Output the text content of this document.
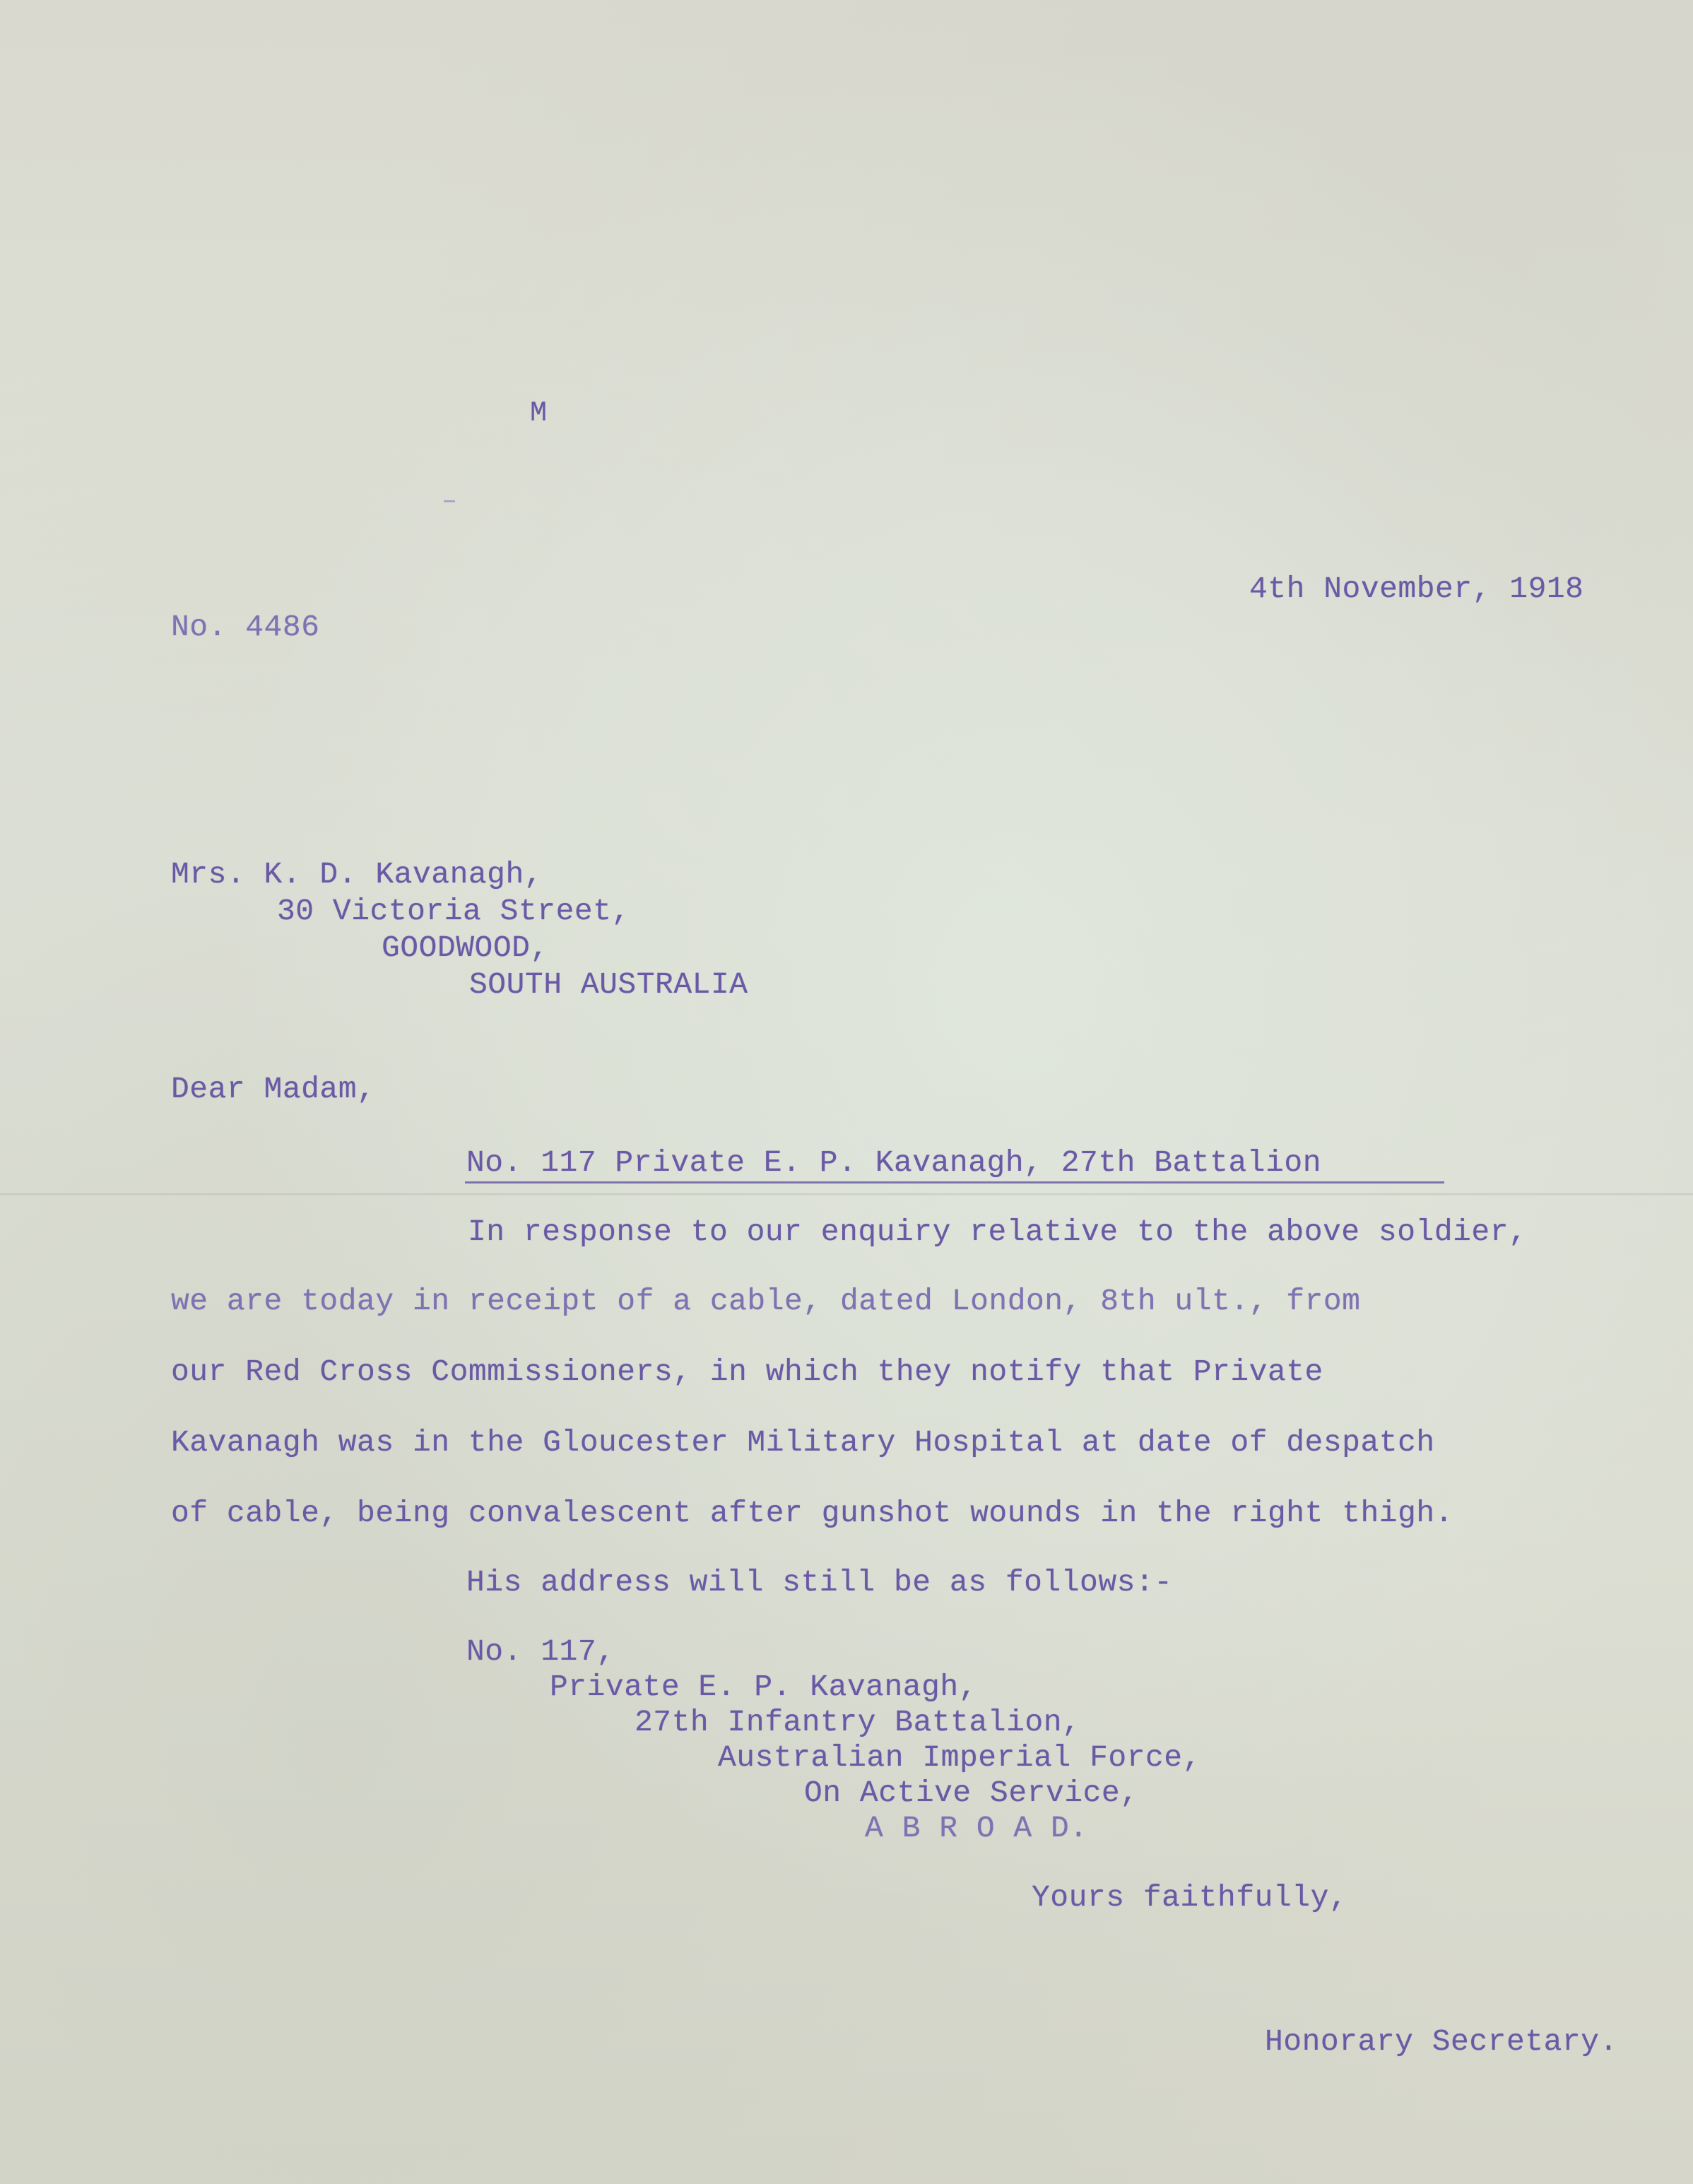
M
4th November, 1918
No. 4486
Mrs. K. D. Kavanagh,
30 Victoria Street,
GOODWOOD,
SOUTH AUSTRALIA
Dear Madam,
No. 117 Private E. P. Kavanagh, 27th Battalion
In response to our enquiry relative to the above soldier,
we are today in receipt of a cable, dated London, 8th ult., from
our Red Cross Commissioners, in which they notify that Private
Kavanagh was in the Gloucester Military Hospital at date of despatch
of cable, being convalescent after gunshot wounds in the right thigh.
His address will still be as follows:-
No. 117,
Private E. P. Kavanagh,
27th Infantry Battalion,
Australian Imperial Force,
On Active Service,
A B R O A D.
Yours faithfully,
Honorary Secretary.
